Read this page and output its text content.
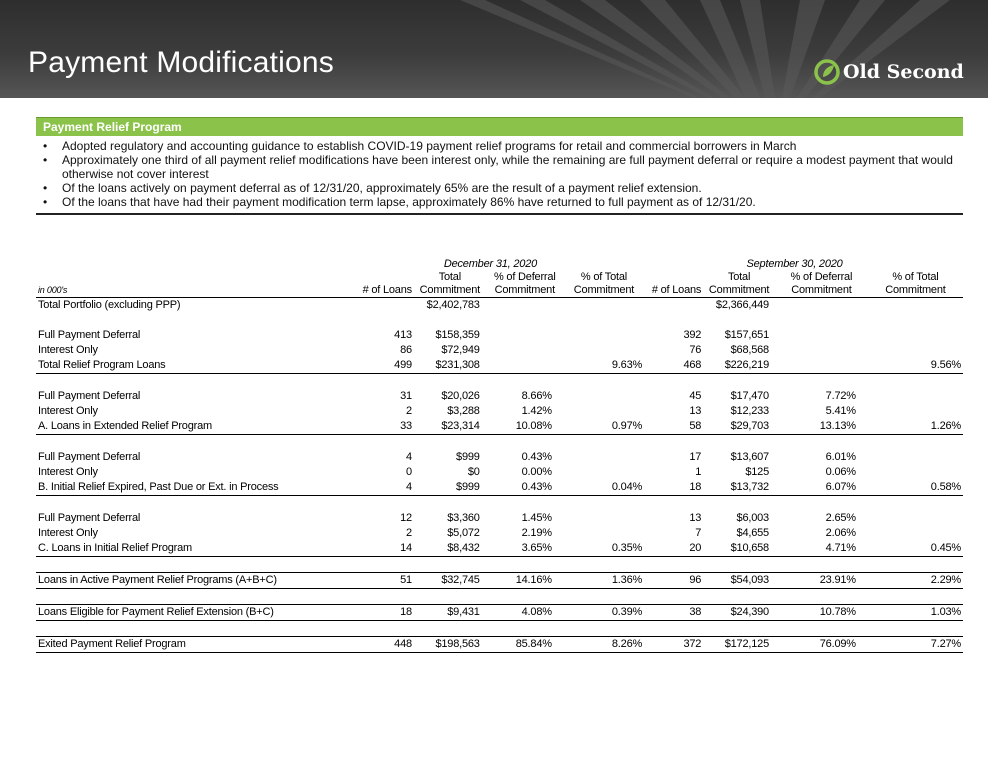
Payment Modifications	Old Second
Payment Relief Program
• Adopted regulatory and accounting guidance to establish COVID-19 payment relief programs for retail and commercial borrowers in March
• Approximately one third of all payment relief modifications have been interest only, while the remaining are full payment deferral or require a modest payment that would otherwise not cover interest
• Of the loans actively on payment deferral as of 12/31/20, approximately 65% are the result of a payment relief extension.
• Of the loans that have had their payment modification term lapse, approximately 86% have returned to full payment as of 12/31/20.
	December 31, 2020				September 30, 2020			
		Total	% of Deferral	% of Total		Total	% of Deferral	% of Total
in 000's	# of Loans	Commitment	Commitment	Commitment	# of Loans	Commitment	Commitment	Commitment
Total Portfolio (excluding PPP)		$2,402,783				$2,366,449		

Full Payment Deferral	413	$158,359			392	$157,651		
Interest Only	86	$72,949			76	$68,568		
Total Relief Program Loans	499	$231,308		9.63%	468	$226,219		9.56%

Full Payment Deferral	31	$20,026	8.66%		45	$17,470	7.72%	
Interest Only	2	$3,288	1.42%		13	$12,233	5.41%	
A. Loans in Extended Relief Program	33	$23,314	10.08%	0.97%	58	$29,703	13.13%	1.26%

Full Payment Deferral	4	$999	0.43%		17	$13,607	6.01%	
Interest Only	0	$0	0.00%		1	$125	0.06%	
B. Initial Relief Expired, Past Due or Ext. in Process	4	$999	0.43%	0.04%	18	$13,732	6.07%	0.58%

Full Payment Deferral	12	$3,360	1.45%		13	$6,003	2.65%	
Interest Only	2	$5,072	2.19%		7	$4,655	2.06%	
C. Loans in Initial Relief Program	14	$8,432	3.65%	0.35%	20	$10,658	4.71%	0.45%

Loans in Active Payment Relief Programs (A+B+C)	51	$32,745	14.16%	1.36%	96	$54,093	23.91%	2.29%

Loans Eligible for Payment Relief Extension (B+C)	18	$9,431	4.08%	0.39%	38	$24,390	10.78%	1.03%

Exited Payment Relief Program	448	$198,563	85.84%	8.26%	372	$172,125	76.09%	7.27%
